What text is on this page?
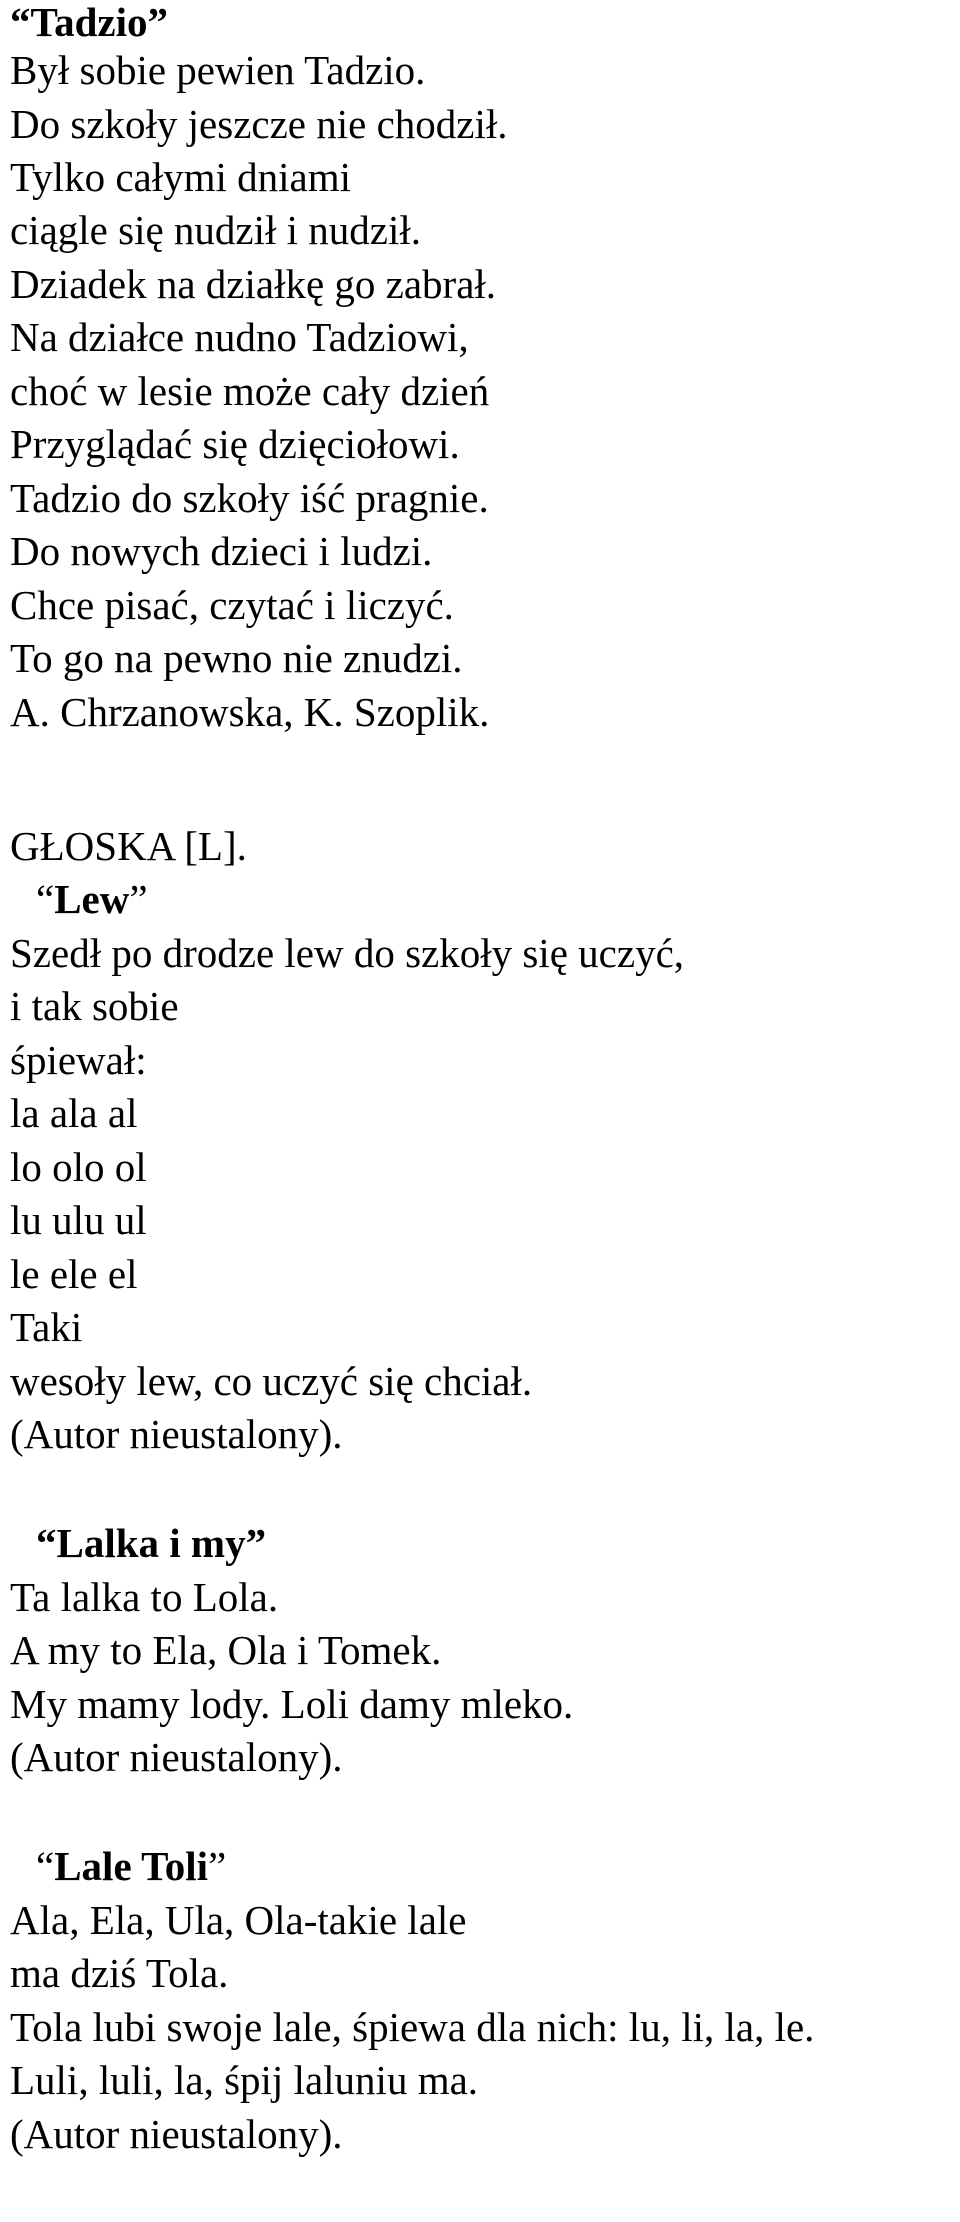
“Tadzio”
Był sobie pewien Tadzio.
Do szkoły jeszcze nie chodził.
Tylko całymi dniami
ciągle się nudził i nudził.
Dziadek na działkę go zabrał.
Na działce nudno Tadziowi,
choć w lesie może cały dzień
Przyglądać się dzięciołowi.
Tadzio do szkoły iść pragnie.
Do nowych dzieci i ludzi.
Chce pisać, czytać i liczyć.
To go na pewno nie znudzi.
A. Chrzanowska, K. Szoplik.
GŁOSKA [L].
“Lew”
Szedł po drodze lew do szkoły się uczyć,
i tak sobie
śpiewał:
la ala al
lo olo ol
lu ulu ul
le ele el
Taki
wesoły lew, co uczyć się chciał.
(Autor nieustalony).
“Lalka i my”
Ta lalka to Lola.
A my to Ela, Ola i Tomek.
My mamy lody. Loli damy mleko.
(Autor nieustalony).
“Lale Toli”
Ala, Ela, Ula, Ola-takie lale
ma dziś Tola.
Tola lubi swoje lale, śpiewa dla nich: lu, li, la, le.
Luli, luli, la, śpij laluniu ma.
(Autor nieustalony).
